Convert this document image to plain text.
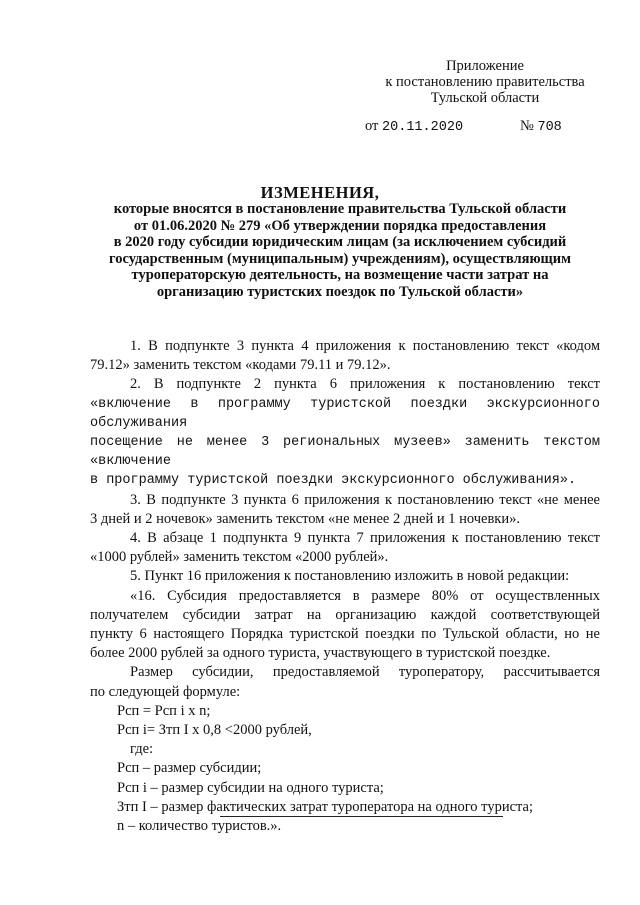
Приложение
к постановлению правительства
Тульской области
от 20.11.2020	№ 708
ИЗМЕНЕНИЯ,
которые вносятся в постановление правительства Тульской области
от 01.06.2020 № 279 «Об утверждении порядка предоставления
в 2020 году субсидии юридическим лицам (за исключением субсидий
государственным (муниципальным) учреждениям), осуществляющим
туроператорскую деятельность, на возмещение части затрат на
организацию туристских поездок по Тульской области»
1. В подпункте 3 пункта 4 приложения к постановлению текст «кодом
79.12» заменить текстом «кодами 79.11 и 79.12».
2. В подпункте 2 пункта 6 приложения к постановлению текст
«включение в программу туристской поездки экскурсионного обслуживания
посещение не менее 3 региональных музеев» заменить текстом «включение
в программу туристской поездки экскурсионного обслуживания».
3. В подпункте 3 пункта 6 приложения к постановлению текст «не менее
3 дней и 2 ночевок» заменить текстом «не менее 2 дней и 1 ночевки».
4. В абзаце 1 подпункта 9 пункта 7 приложения к постановлению текст
«1000 рублей» заменить текстом «2000 рублей».
5. Пункт 16 приложения к постановлению изложить в новой редакции:
«16. Субсидия предоставляется в размере 80% от осуществленных
получателем субсидии затрат на организацию каждой соответствующей
пункту 6 настоящего Порядка туристской поездки по Тульской области, но не
более 2000 рублей за одного туриста, участвующего в туристской поездке.
Размер субсидии, предоставляемой туроператору, рассчитывается
по следующей формуле:
Рсп = Рсп i x n;
Рсп i= Зтп I x 0,8 <2000 рублей,
где:
Рсп – размер субсидии;
Рсп i – размер субсидии на одного туриста;
Зтп I – размер фактических затрат туроператора на одного туриста;
n – количество туристов.».
